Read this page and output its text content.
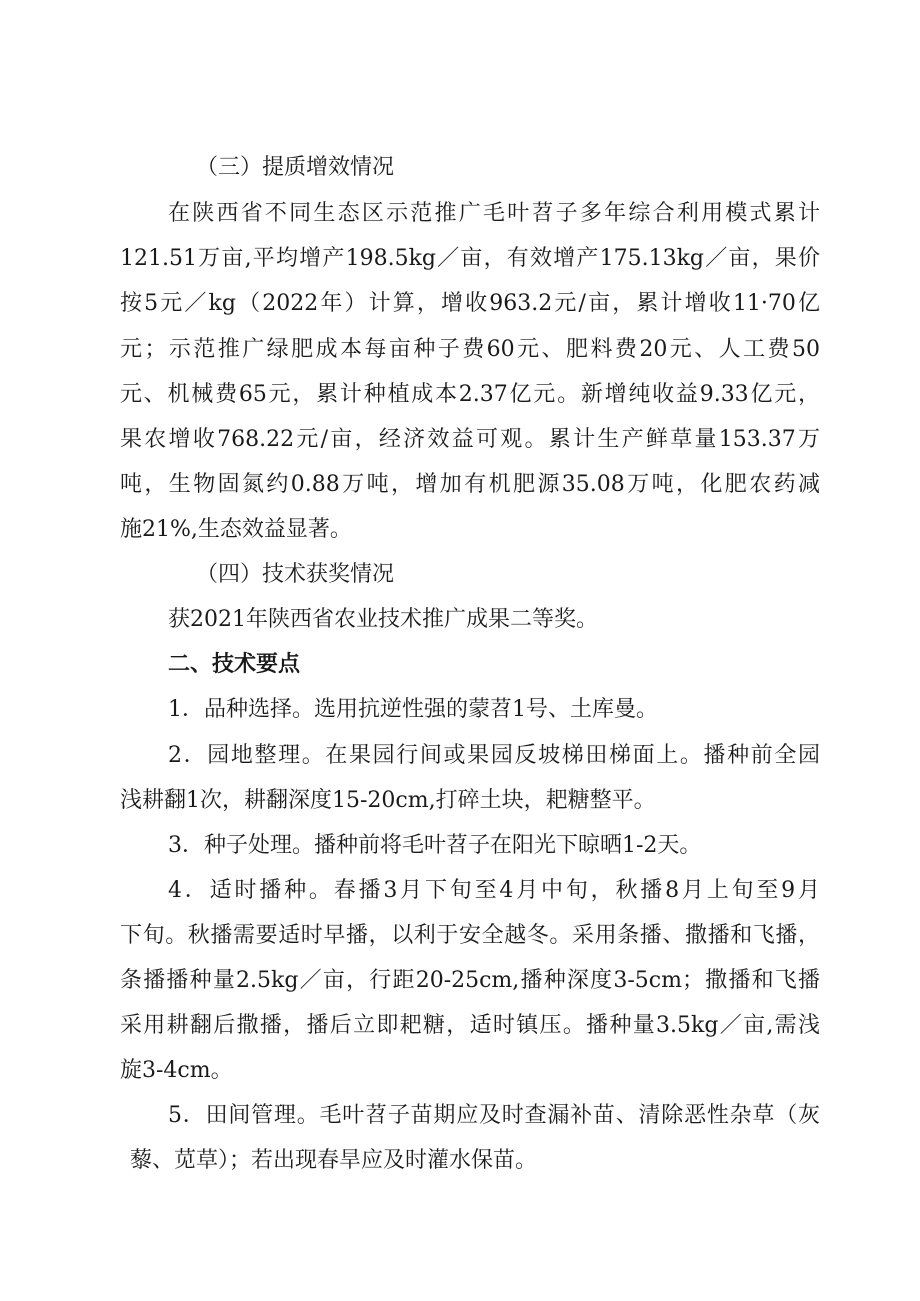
（三）提质增效情况
在陕西省不同生态区示范推广毛叶苕子多年综合利用模式累计
121.51万亩,平均增产198.5kg／亩，有效增产175.13kg／亩，果价
按5元／kg（2022年）计算，增收963.2元/亩，累计增收11·70亿
元；示范推广绿肥成本每亩种子费60元、肥料费20元、人工费50
元、机械费65元，累计种植成本2.37亿元。新增纯收益9.33亿元，
果农增收768.22元/亩，经济效益可观。累计生产鲜草量153.37万
吨，生物固氮约0.88万吨，增加有机肥源35.08万吨，化肥农药减
施21%,生态效益显著。
（四）技术获奖情况
获2021年陕西省农业技术推广成果二等奖。
二、技术要点
1．品种选择。选用抗逆性强的蒙苕1号、土库曼。
2．园地整理。在果园行间或果园反坡梯田梯面上。播种前全园
浅耕翻1次，耕翻深度15-20cm,打碎土块，耙糖整平。
3．种子处理。播种前将毛叶苕子在阳光下晾晒1-2天。
4．适时播种。春播3月下旬至4月中旬，秋播8月上旬至9月
下旬。秋播需要适时早播，以利于安全越冬。采用条播、撒播和飞播，
条播播种量2.5kg／亩，行距20-25cm,播种深度3-5cm；撒播和飞播
采用耕翻后撒播，播后立即耙糖，适时镇压。播种量3.5kg／亩,需浅
旋3-4cm。
5．田间管理。毛叶苕子苗期应及时查漏补苗、清除恶性杂草（灰
藜、苋草）；若出现春旱应及时灌水保苗。
